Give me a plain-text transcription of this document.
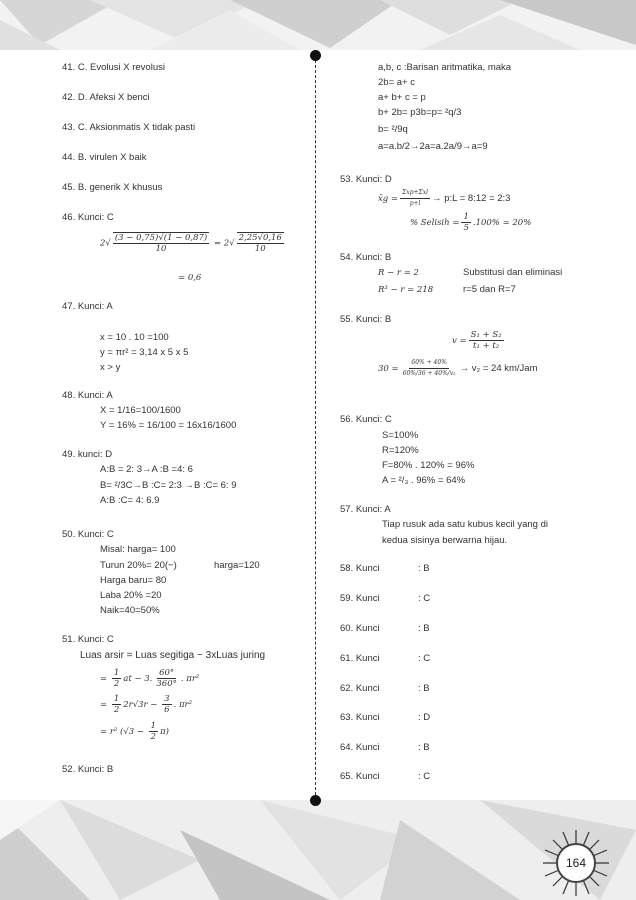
41. C. Evolusi X revolusi
42. D. Afeksi X benci
43. C. Aksionmatis X tidak pasti
44. B. virulen X baik
45. B. generik X khusus
46. Kunci: C
$2√ \frac{(3 - 0,75)√(1 - 0,87)}{10} = 2√ \frac{2,25√0,16}{10}$
= 0,6
47. Kunci: A
x = 10 . 10 =100
y = πr² = 3,14 x 5 x 5
x > y
48. Kunci: A
X = 1/16=100/1600
Y = 16% = 16/100 = 16x16/1600
49. kunci: D
A:B = 2: 3→A :B =4: 6
B= ²/3C→B :C= 2:3 →B :C= 6: 9
A:B :C= 4: 6.9
50. Kunci: C
Misal: harga= 100
Turun 20%= 20(−)	harga=120
Harga baru= 80
Laba 20% =20
Naik=40=50%
51. Kunci: C
Luas arsir = Luas segitiga − 3xLuas juring
= $\frac{1}{2}$ at − 3. $\frac{60^\circ}{360^\circ}$ . πr²
= $\frac{1}{2} 2r√3r - \frac{3}{6}$ . πr²
= r² $(√3 - \frac{1}{2} \pi)$
52. Kunci: B
a,b, c :Barisan aritmatika, maka
2b= a+ c
a+ b+ c = p
b+ 2b= p3b=p= ²q/3
b= ²/9q
a=a.b/2→2a=a.2a/9→a=9
53. Kunci: D
x̄g =
Σxp+Σxl
p+l → p:L = 8:12 = 2:3
% Selisih = $\frac{1}{5} .100\% = 20\%$
54. Kunci: B
R − r = 2	Substitusi dan eliminasi
R³ − r = 218	r=5 dan R=7
55. Kunci: B
$v = \frac{\text{S₁ + S₂}}{\text{t₁ + t₂}}$
$30 = \frac{60\% + 40\%}{\text{60\%/36 + 40\%/v₂}} \to v_2 = 24$ km/Jam
56. Kunci: C
S=100%
R=120%
F=80% . 120% = 96%
A = ²/₃ . 96% = 64%
57. Kunci: A
Tiap rusuk ada satu kubus kecil yang di
kedua sisinya berwarna hijau.
58. Kunci	: B
59. Kunci	: C
60. Kunci	: B
61. Kunci	: C
62. Kunci	: B
63. Kunci	: D
64. Kunci	: B
65. Kunci	: C
164
